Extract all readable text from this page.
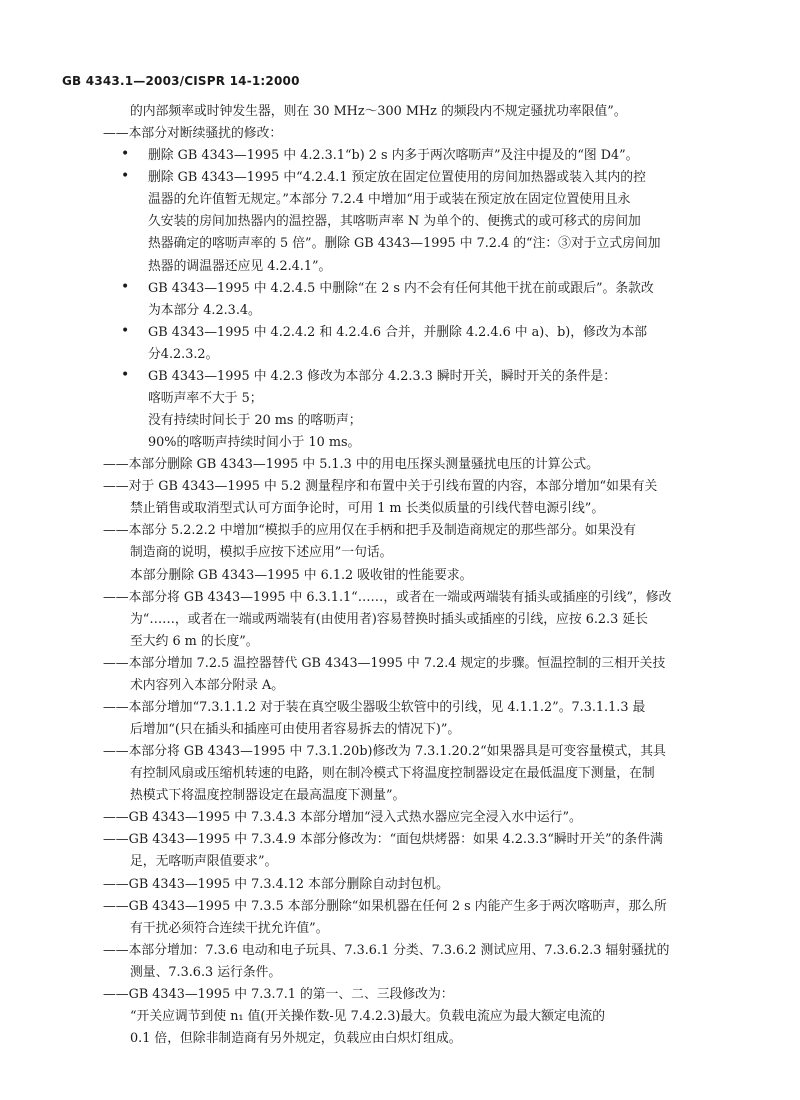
GB 4343.1—2003/CISPR 14-1:2000
的内部频率或时钟发生器，则在 30 MHz～300 MHz 的频段内不规定骚扰功率限值”。
——本部分对断续骚扰的修改：
• 删除 GB 4343—1995 中 4.2.3.1“b) 2 s 内多于两次喀呖声”及注中提及的“图 D4”。
• 删除 GB 4343—1995 中“4.2.4.1 预定放在固定位置使用的房间加热器或装入其内的控
温器的允许值暂无规定。”本部分 7.2.4 中增加“用于或装在预定放在固定位置使用且永
久安装的房间加热器内的温控器，其喀呖声率 N 为单个的、便携式的或可移式的房间加
热器确定的喀呖声率的 5 倍”。删除 GB 4343—1995 中 7.2.4 的“注：③对于立式房间加
热器的调温器还应见 4.2.4.1”。
• GB 4343—1995 中 4.2.4.5 中删除“在 2 s 内不会有任何其他干扰在前或跟后”。条款改
为本部分 4.2.3.4。
• GB 4343—1995 中 4.2.4.2 和 4.2.4.6 合并，并删除 4.2.4.6 中 a)、b)，修改为本部
分4.2.3.2。
• GB 4343—1995 中 4.2.3 修改为本部分 4.2.3.3 瞬时开关，瞬时开关的条件是：
喀呖声率不大于 5；
没有持续时间长于 20 ms 的喀呖声；
90%的喀呖声持续时间小于 10 ms。
——本部分删除 GB 4343—1995 中 5.1.3 中的用电压探头测量骚扰电压的计算公式。
——对于 GB 4343—1995 中 5.2 测量程序和布置中关于引线布置的内容，本部分增加“如果有关
禁止销售或取消型式认可方面争论时，可用 1 m 长类似质量的引线代替电源引线”。
——本部分 5.2.2.2 中增加“模拟手的应用仅在手柄和把手及制造商规定的那些部分。如果没有
制造商的说明，模拟手应按下述应用”一句话。
本部分删除 GB 4343—1995 中 6.1.2 吸收钳的性能要求。
——本部分将 GB 4343—1995 中 6.3.1.1“……，或者在一端或两端装有插头或插座的引线”，修改
为“……，或者在一端或两端装有(由使用者)容易替换时插头或插座的引线，应按 6.2.3 延长
至大约 6 m 的长度”。
——本部分增加 7.2.5 温控器替代 GB 4343—1995 中 7.2.4 规定的步骤。恒温控制的三相开关技
术内容列入本部分附录 A。
——本部分增加“7.3.1.1.2 对于装在真空吸尘器吸尘软管中的引线，见 4.1.1.2”。7.3.1.1.3 最
后增加“(只在插头和插座可由使用者容易拆去的情况下)”。
——本部分将 GB 4343—1995 中 7.3.1.20b)修改为 7.3.1.20.2“如果器具是可变容量模式，其具
有控制风扇或压缩机转速的电路，则在制冷模式下将温度控制器设定在最低温度下测量，在制
热模式下将温度控制器设定在最高温度下测量”。
——GB 4343—1995 中 7.3.4.3 本部分增加“浸入式热水器应完全浸入水中运行”。
——GB 4343—1995 中 7.3.4.9 本部分修改为：“面包烘烤器：如果 4.2.3.3“瞬时开关”的条件满
足，无喀呖声限值要求”。
——GB 4343—1995 中 7.3.4.12 本部分删除自动封包机。
——GB 4343—1995 中 7.3.5 本部分删除“如果机器在任何 2 s 内能产生多于两次喀呖声，那么所
有干扰必须符合连续干扰允许值”。
——本部分增加：7.3.6 电动和电子玩具、7.3.6.1 分类、7.3.6.2 测试应用、7.3.6.2.3 辐射骚扰的
测量、7.3.6.3 运行条件。
——GB 4343—1995 中 7.3.7.1 的第一、二、三段修改为：
“开关应调节到使 n₁ 值(开关操作数-见 7.4.2.3)最大。负载电流应为最大额定电流的
0.1 倍，但除非制造商有另外规定，负载应由白炽灯组成。
